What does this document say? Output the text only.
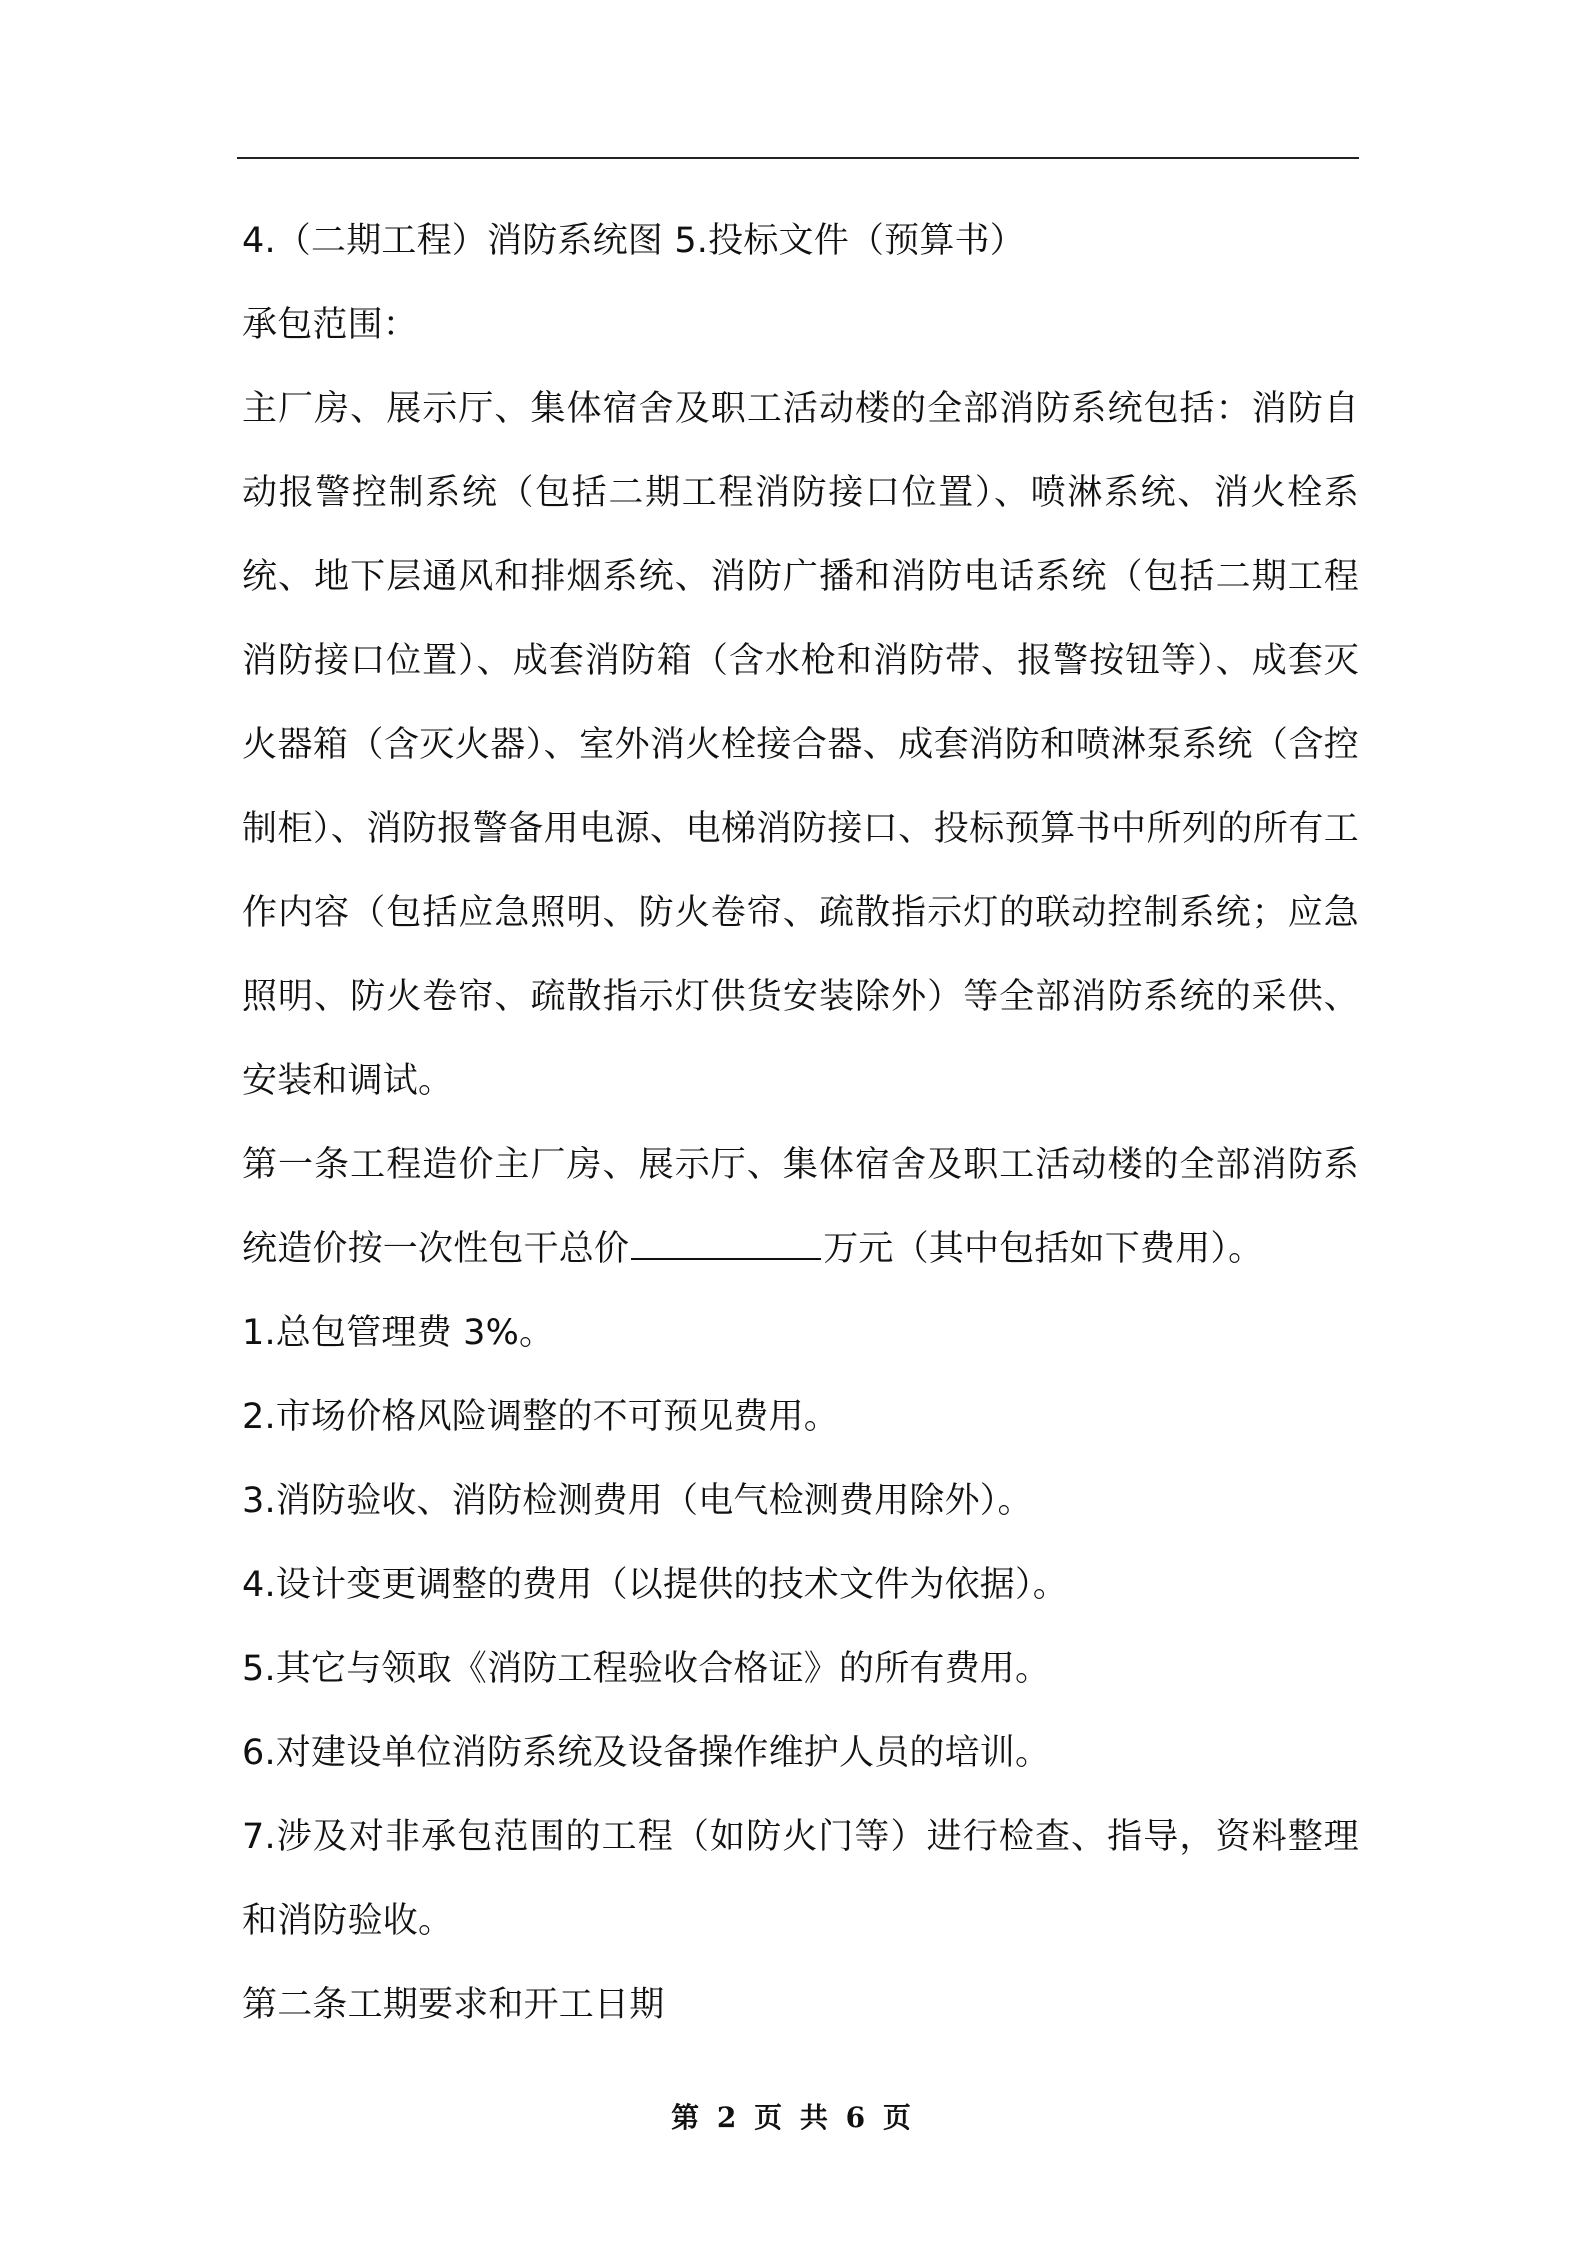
4.（二期工程）消防系统图 5.投标文件（预算书）

承包范围：

主厂房、展示厅、集体宿舍及职工活动楼的全部消防系统包括：消防自动报警控制系统（包括二期工程消防接口位置）、喷淋系统、消火栓系统、地下层通风和排烟系统、消防广播和消防电话系统（包括二期工程消防接口位置）、成套消防箱（含水枪和消防带、报警按钮等）、成套灭火器箱（含灭火器）、室外消火栓接合器、成套消防和喷淋泵系统（含控制柜）、消防报警备用电源、电梯消防接口、投标预算书中所列的所有工作内容（包括应急照明、防火卷帘、疏散指示灯的联动控制系统；应急照明、防火卷帘、疏散指示灯供货安装除外）等全部消防系统的采供、安装和调试。

第一条工程造价主厂房、展示厅、集体宿舍及职工活动楼的全部消防系统造价按一次性包干总价	万元（其中包括如下费用）。

1.总包管理费 3%。

2.市场价格风险调整的不可预见费用。

3.消防验收、消防检测费用（电气检测费用除外）。

4.设计变更调整的费用（以提供的技术文件为依据）。

5.其它与领取《消防工程验收合格证》的所有费用。

6.对建设单位消防系统及设备操作维护人员的培训。

7.涉及对非承包范围的工程（如防火门等）进行检查、指导，资料整理和消防验收。

第二条工期要求和开工日期

第 2 页 共 6 页
